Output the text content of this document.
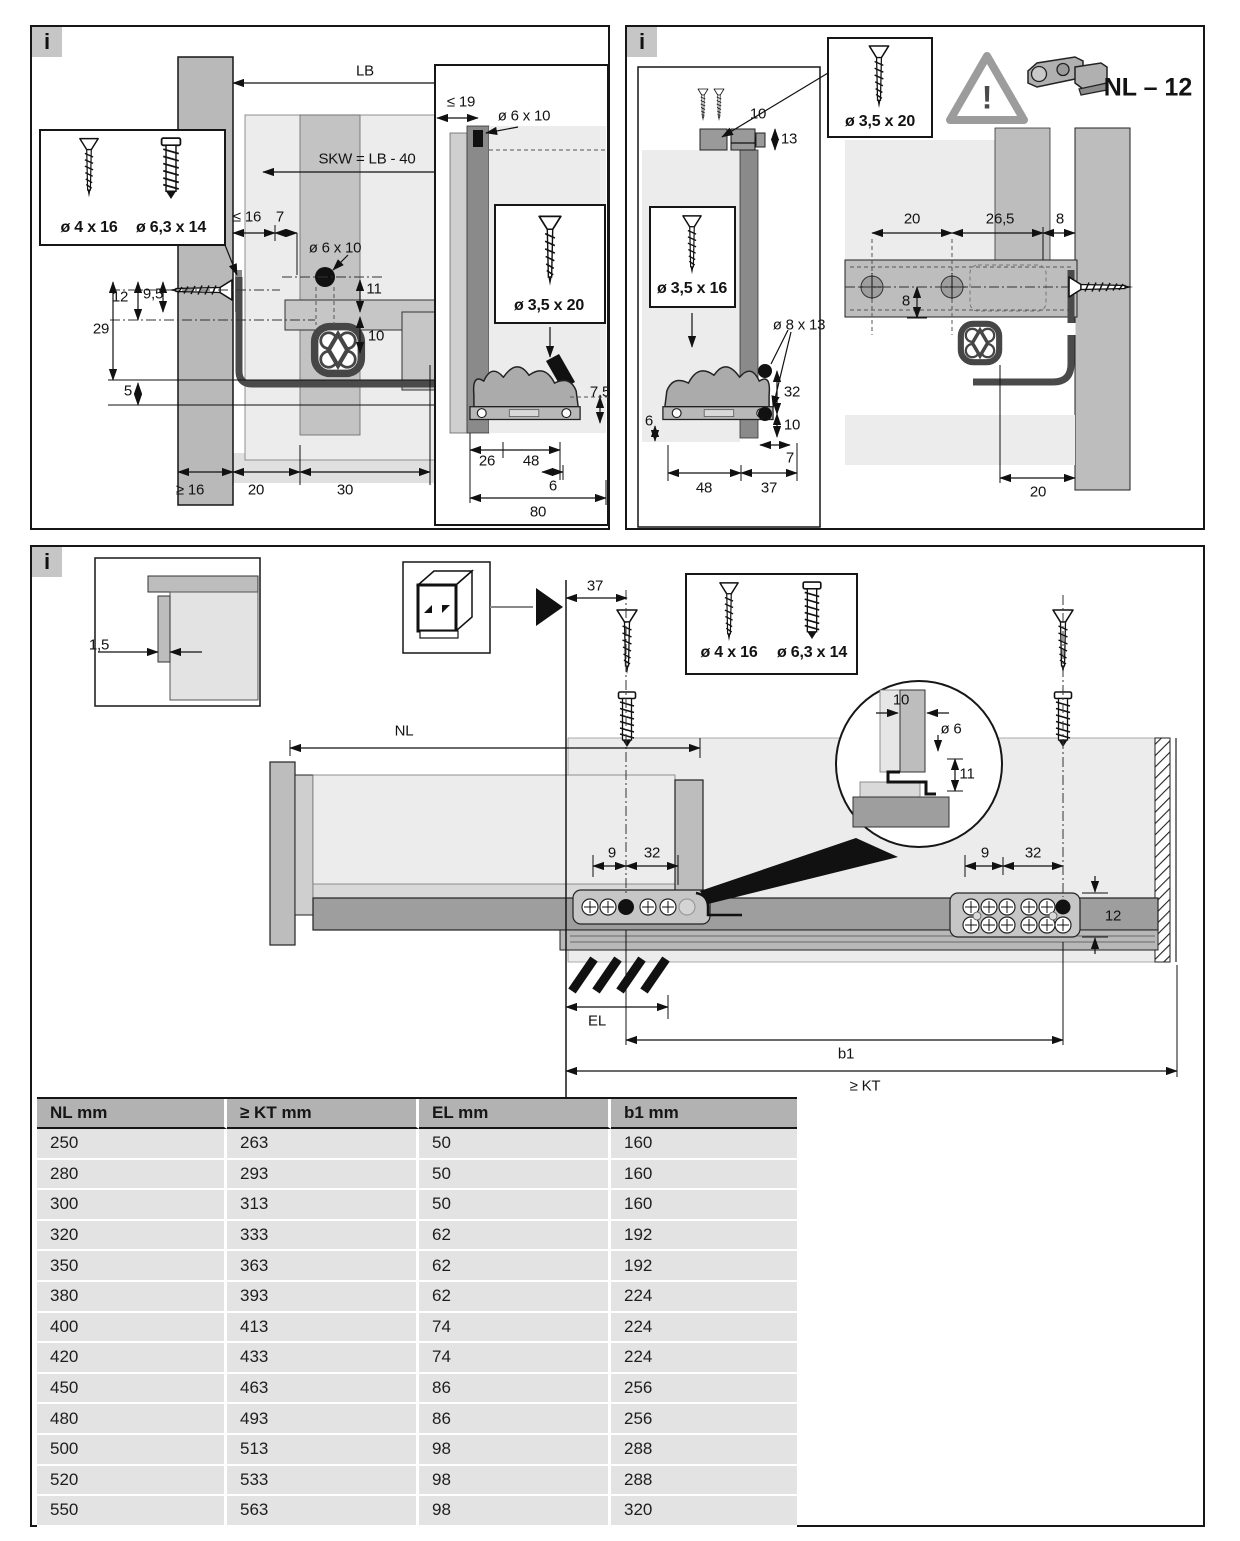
i	i
i
LB
SKW = LB - 40
ø 4 x 16 ø 6,3 x 14
≤ 16 7
ø 6 x 10
11
10
12 9,5
29
5
≥ 16	20	30
≤ 19
ø 6 x 10
ø 3,5 x 20
7,5
26 48
6
80
ø 3,5 x 20
!	NL – 12
10
13
ø 3,5 x 16
ø 8 x 13
32
10
6
7
48	37
20	26,5	8
8
20
1,5
37
ø 4 x 16 ø 6,3 x 14
NL
10
ø 6
11
9 32	9 32
12
EL
b1
≥ KT
NL mm	≥ KT mm	EL mm	b1 mm
250	263	50	160
280	293	50	160
300	313	50	160
320	333	62	192
350	363	62	192
380	393	62	224
400	413	74	224
420	433	74	224
450	463	86	256
480	493	86	256
500	513	98	288
520	533	98	288
550	563	98	320
